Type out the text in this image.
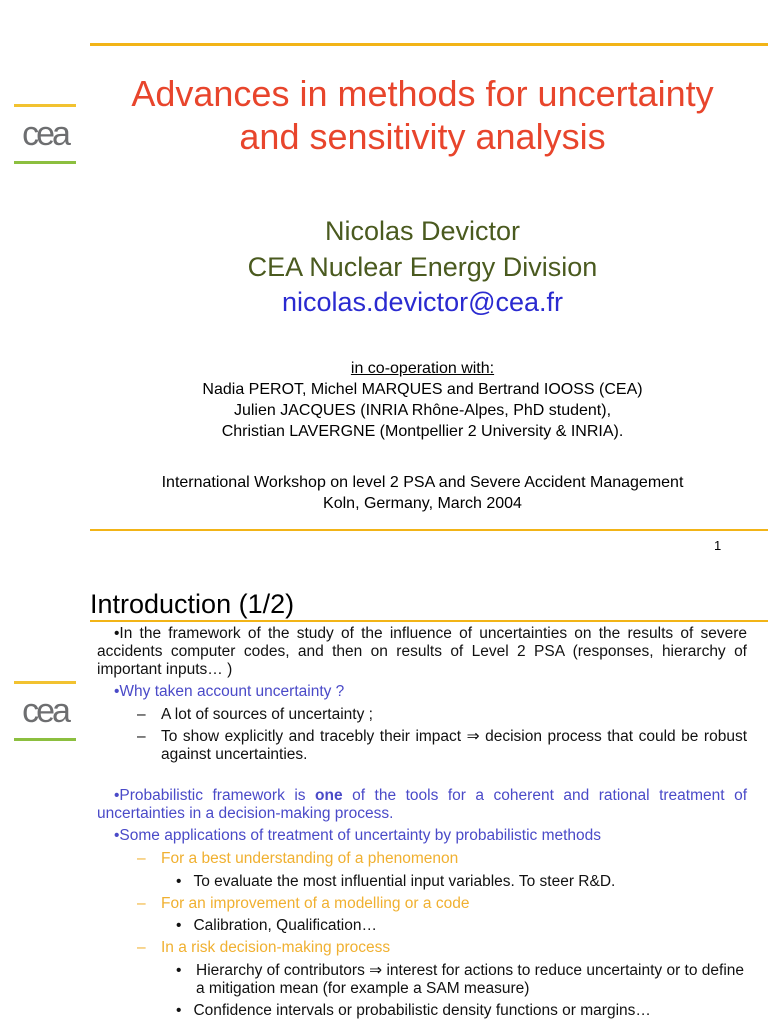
cea
Advances in methods for uncertainty
and sensitivity analysis
Nicolas Devictor
CEA Nuclear Energy Division
nicolas.devictor@cea.fr
in co-operation with:
Nadia PEROT, Michel MARQUES and Bertrand IOOSS (CEA)
Julien JACQUES (INRIA Rhône-Alpes, PhD student),
Christian LAVERGNE (Montpellier 2 University & INRIA).
International Workshop on level 2 PSA and Severe Accident Management
Koln, Germany, March 2004
1
Introduction (1/2)
cea
•In the framework of the study of the influence of uncertainties on the results of severe accidents computer codes, and then on results of Level 2 PSA (responses, hierarchy of important inputs… )
•Why taken account uncertainty ?
– A lot of sources of uncertainty ;
– To show explicitly and tracebly their impact ⇒ decision process that could be robust against uncertainties.
•Probabilistic framework is one of the tools for a coherent and rational treatment of uncertainties in a decision-making process.
•Some applications of treatment of uncertainty by probabilistic methods
– For a best understanding of a phenomenon
• To evaluate the most influential input variables. To steer R&D.
– For an improvement of a modelling or a code
• Calibration, Qualification…
– In a risk decision-making process
• Hierarchy of contributors ⇒ interest for actions to reduce uncertainty or to define a mitigation mean (for example a SAM measure)
• Confidence intervals or probabilistic density functions or margins…
